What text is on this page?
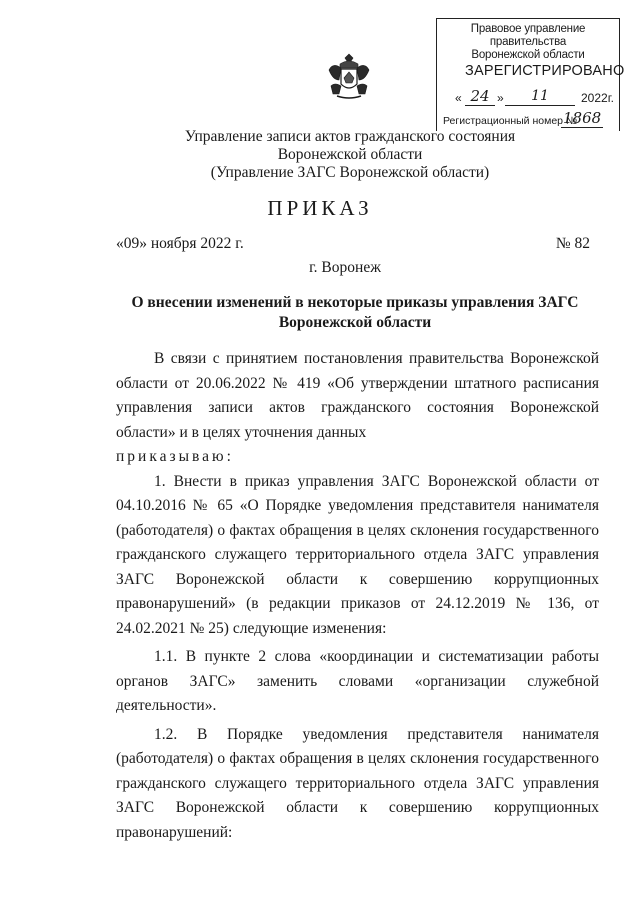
Правовое управление правительства
Воронежской области
ЗАРЕГИСТРИРОВАНО
« 24 »	11	2022г.
Регистрационный номер №
1868
Управление записи актов гражданского состояния
Воронежской области
(Управление ЗАГС Воронежской области)
ПРИКАЗ
«09» ноября 2022 г.	№ 82
г. Воронеж
О внесении изменений в некоторые приказы управления ЗАГС Воронежской области

В связи с принятием постановления правительства Воронежской области от 20.06.2022 № 419 «Об утверждении штатного расписания управления записи актов гражданского состояния Воронежской области» и в целях уточнения данных

приказываю:

1. Внести в приказ управления ЗАГС Воронежской области от 04.10.2016 № 65 «О Порядке уведомления представителя нанимателя (работодателя) о фактах обращения в целях склонения государственного гражданского служащего территориального отдела ЗАГС управления ЗАГС Воронежской области к совершению коррупционных правонарушений» (в редакции приказов от 24.12.2019 № 136, от 24.02.2021 № 25) следующие изменения:

1.1. В пункте 2 слова «координации и систематизации работы органов ЗАГС» заменить словами «организации служебной деятельности».

1.2. В Порядке уведомления представителя нанимателя (работодателя) о фактах обращения в целях склонения государственного гражданского служащего территориального отдела ЗАГС управления ЗАГС Воронежской области к совершению коррупционных правонарушений:
